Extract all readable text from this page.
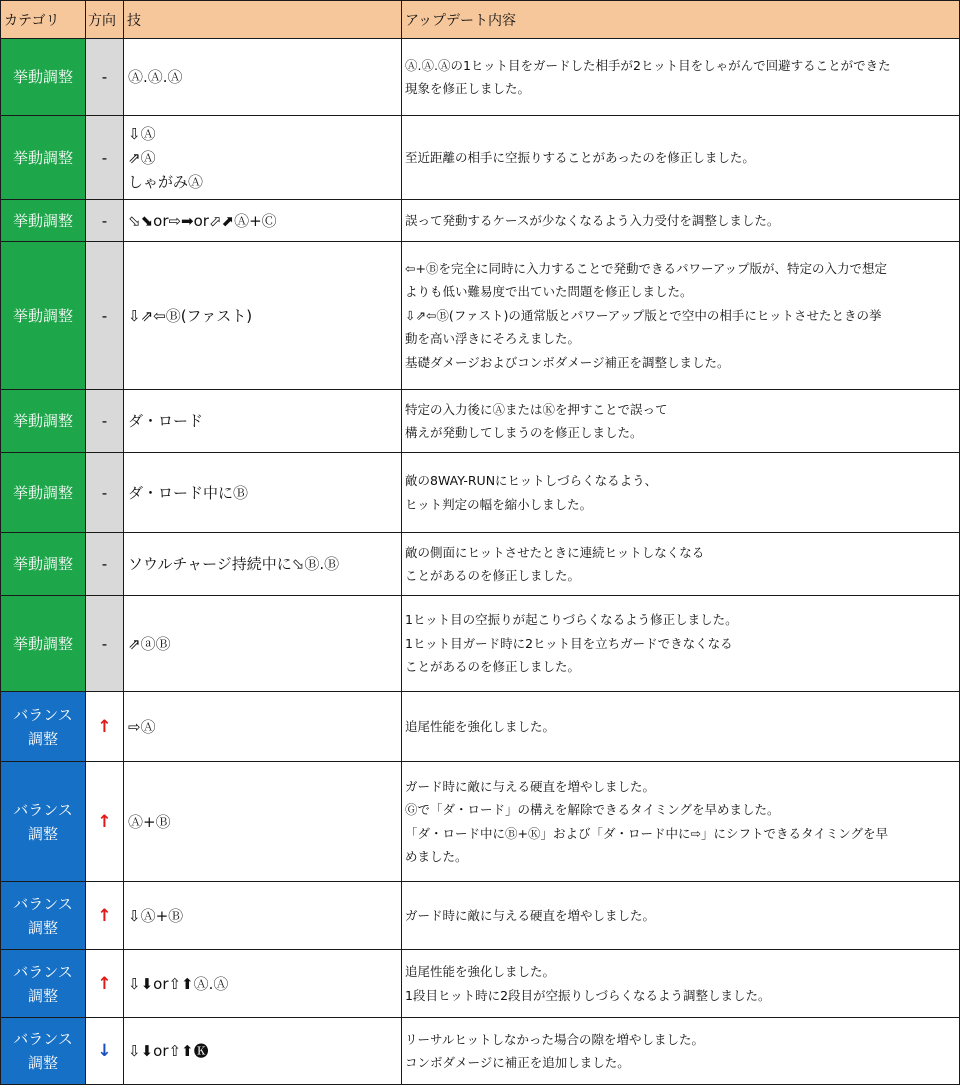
カテゴリ	方向	技	アップデート内容

挙動調整	-	Ⓐ.Ⓐ.Ⓐ	Ⓐ.Ⓐ.Ⓐの1ヒット目をガードした相手が2ヒット目をしゃがんで回避することができた
現象を修正しました。

挙動調整	-	⇩Ⓐ
⇗Ⓐ
しゃがみⒶ	至近距離の相手に空振りすることがあったのを修正しました。

挙動調整	-	⬂⬊or⇨➡or⬀⬈Ⓐ+Ⓒ	誤って発動するケースが少なくなるよう入力受付を調整しました。

挙動調整	-	⇩⇗⇦Ⓑ(ファスト)	⇦+Ⓑを完全に同時に入力することで発動できるパワーアップ版が、特定の入力で想定
よりも低い難易度で出ていた問題を修正しました。
⇩⇗⇦Ⓑ(ファスト)の通常版とパワーアップ版とで空中の相手にヒットさせたときの挙
動を高い浮きにそろえました。
基礎ダメージおよびコンボダメージ補正を調整しました。

挙動調整	-	ダ・ロード	特定の入力後にⒶまたはⓀを押すことで誤って
構えが発動してしまうのを修正しました。

挙動調整	-	ダ・ロード中にⒷ	敵の8WAY-RUNにヒットしづらくなるよう、
ヒット判定の幅を縮小しました。

挙動調整	-	ソウルチャージ持続中に⬂Ⓑ.Ⓑ	敵の側面にヒットさせたときに連続ヒットしなくなる
ことがあるのを修正しました。

挙動調整	-	⇗ⓐⒷ	1ヒット目の空振りが起こりづらくなるよう修正しました。
1ヒット目ガード時に2ヒット目を立ちガードできなくなる
ことがあるのを修正しました。

バランス
調整	↑	⇨Ⓐ	追尾性能を強化しました。

バランス
調整	↑	Ⓐ+Ⓑ	ガード時に敵に与える硬直を増やしました。
Ⓖで「ダ・ロード」の構えを解除できるタイミングを早めました。
「ダ・ロード中にⒷ+Ⓚ」および「ダ・ロード中に⇨」にシフトできるタイミングを早
めました。

バランス
調整	↑	⇩Ⓐ+Ⓑ	ガード時に敵に与える硬直を増やしました。

バランス
調整	↑	⇩⬇or⇧⬆Ⓐ.Ⓐ	追尾性能を強化しました。
1段目ヒット時に2段目が空振りしづらくなるよう調整しました。

バランス
調整	↓	⇩⬇or⇧⬆🅚	リーサルヒットしなかった場合の隙を増やしました。
コンボダメージに補正を追加しました。
